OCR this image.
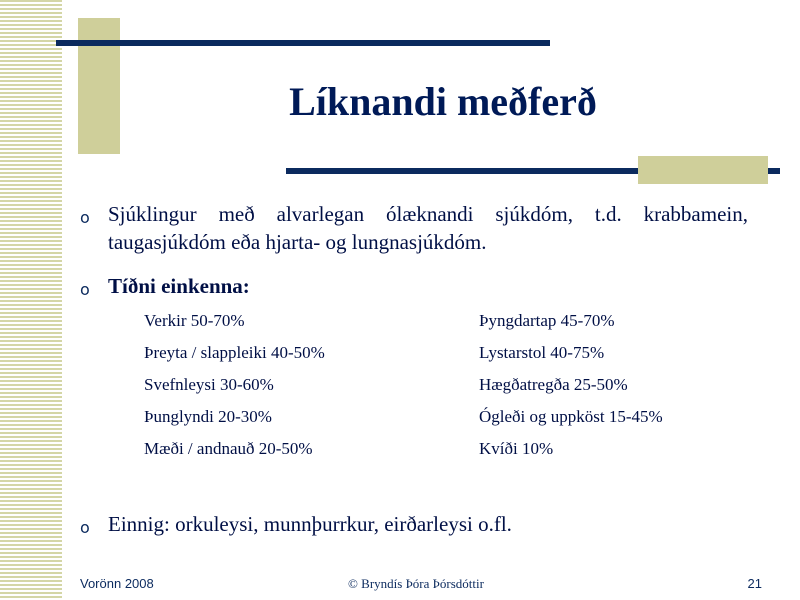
Líknandi meðferð
o Sjúklingur með alvarlegan ólæknandi sjúkdóm, t.d. krabbamein, taugasjúkdóm eða hjarta- og lungnasjúkdóm.
o Tíðni einkenna:
Verkir 50-70%
Þreyta / slappleiki 40-50%
Svefnleysi 30-60%
Þunglyndi 20-30%
Mæði / andnauð 20-50%
Þyngdartap 45-70%
Lystarstol 40-75%
Hægðatregða 25-50%
Ógleði og uppköst 15-45%
Kvíði 10%
o Einnig: orkuleysi, munnþurrkur, eirðarleysi o.fl.
Vorönn 2008	© Bryndís Þóra Þórsdóttir	21
